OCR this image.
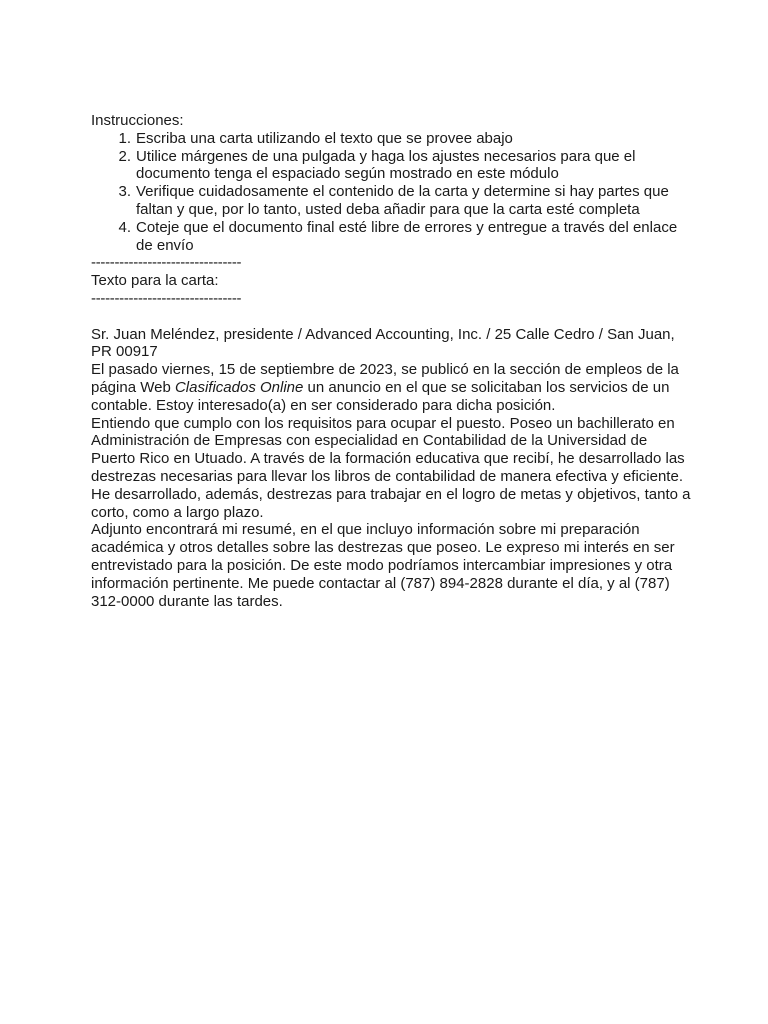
Instrucciones:

1. Escriba una carta utilizando el texto que se provee abajo
2. Utilice márgenes de una pulgada y haga los ajustes necesarios para que el documento tenga el espaciado según mostrado en este módulo
3. Verifique cuidadosamente el contenido de la carta y determine si hay partes que faltan y que, por lo tanto, usted deba añadir para que la carta esté completa
4. Coteje que el documento final esté libre de errores y entregue a través del enlace de envío

--------------------------------

Texto para la carta:

--------------------------------

Sr. Juan Meléndez, presidente / Advanced Accounting, Inc. / 25 Calle Cedro / San Juan, PR 00917

El pasado viernes, 15 de septiembre de 2023, se publicó en la sección de empleos de la página Web Clasificados Online un anuncio en el que se solicitaban los servicios de un contable. Estoy interesado(a) en ser considerado para dicha posición.

Entiendo que cumplo con los requisitos para ocupar el puesto. Poseo un bachillerato en Administración de Empresas con especialidad en Contabilidad de la Universidad de Puerto Rico en Utuado. A través de la formación educativa que recibí, he desarrollado las destrezas necesarias para llevar los libros de contabilidad de manera efectiva y eficiente. He desarrollado, además, destrezas para trabajar en el logro de metas y objetivos, tanto a corto, como a largo plazo.

Adjunto encontrará mi resumé, en el que incluyo información sobre mi preparación académica y otros detalles sobre las destrezas que poseo. Le expreso mi interés en ser entrevistado para la posición. De este modo podríamos intercambiar impresiones y otra información pertinente. Me puede contactar al (787) 894-2828 durante el día, y al (787) 312-0000 durante las tardes.
